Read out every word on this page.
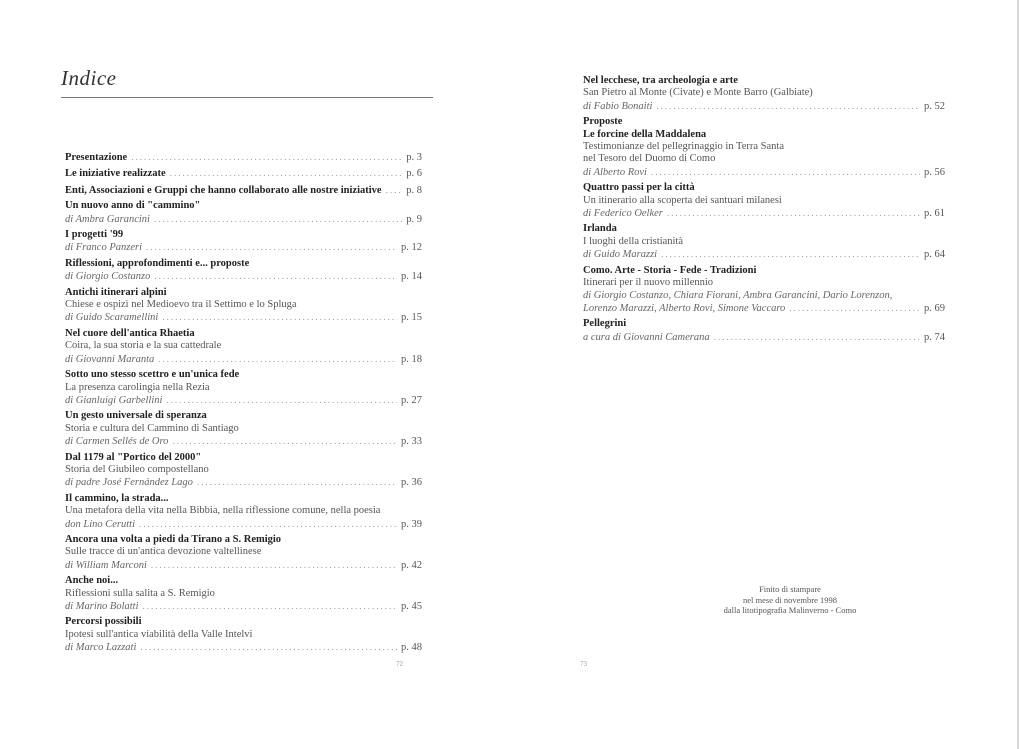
Indice
Presentazione .....	p. 3
Le iniziative realizzate .....	p. 6
Enti, Associazioni e Gruppi che hanno collaborato alle nostre iniziative ..... p. 8
Un nuovo anno di "cammino"
di Ambra Garancini .....	p. 9
I progetti '99
di Franco Panzeri .....	p. 12
Riflessioni, approfondimenti e... proposte
di Giorgio Costanzo .....	p. 14
Antichi itinerari alpini
Chiese e ospizi nel Medioevo tra il Settimo e lo Spluga
di Guido Scaramellini .....	p. 15
Nel cuore dell'antica Rhaetia
Coira, la sua storia e la sua cattedrale
di Giovanni Maranta .....	p. 18
Sotto uno stesso scettro e un'unica fede
La presenza carolingia nella Rezia
di Gianluigi Garbellini .....	p. 27
Un gesto universale di speranza
Storia e cultura del Cammino di Santiago
di Carmen Sellés de Oro .....	p. 33
Dal 1179 al "Portico del 2000"
Storia del Giubileo compostellano
di padre José Fernández Lago .....	p. 36
Il cammino, la strada...
Una metafora della vita nella Bibbia, nella riflessione comune, nella poesia
don Lino Cerutti .....	p. 39
Ancora una volta a piedi da Tirano a S. Remigio
Sulle tracce di un'antica devozione valtellinese
di William Marconi .....	p. 42
Anche noi...
Riflessioni sulla salita a S. Remigio
di Marino Bolatti .....	p. 45
Percorsi possibili
Ipotesi sull'antica viabilità della Valle Intelvi
di Marco Lazzati .....	p. 48
72
Nel lecchese, tra archeologia e arte
San Pietro al Monte (Civate) e Monte Barro (Galbiate)
di Fabio Bonaiti .....	p. 52
Proposte
Le forcine della Maddalena
Testimonianze del pellegrinaggio in Terra Santa
nel Tesoro del Duomo di Como
di Alberto Rovi .....	p. 56
Quattro passi per la città
Un itinerario alla scoperta dei santuari milanesi
di Federico Oelker .....	p. 61
Irlanda
I luoghi della cristianità
di Guido Marazzi .....	p. 64
Como. Arte - Storia - Fede - Tradizioni
Itinerari per il nuovo millennio
di Giorgio Costanzo, Chiara Fiorani, Ambra Garancini, Dario Lorenzon,
Lorenzo Marazzi, Alberto Rovi, Simone Vaccaro .....	p. 69
Pellegrini
a cura di Giovanni Camerana .....	p. 74
Finito di stampare
nel mese di novembre 1998
dalla litotipografia Malinverno - Como
73
